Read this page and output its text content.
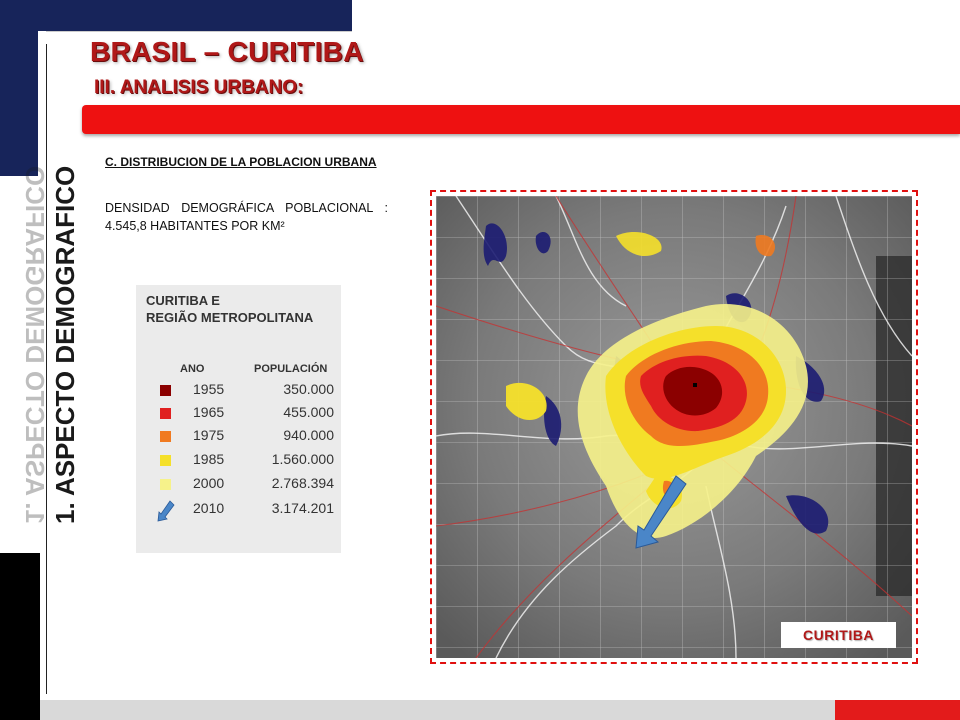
BRASIL – CURITIBA
III. ANALISIS URBANO:
1. ASPECTO DEMOGRAFICO 1. ASPECTO DEMOGRAFICO
C. DISTRIBUCION DE LA POBLACION URBANA

DENSIDAD DEMOGRÁFICA POBLACIONAL : 4.545,8 HABITANTES POR KM²

CURITIBA E
REGIÃO METROPOLITANA
ANO	POPULACIÓN
1955	350.000
1965	455.000
1975	940.000
1985	1.560.000
2000	2.768.394
2010	3.174.201
CURITIBA
